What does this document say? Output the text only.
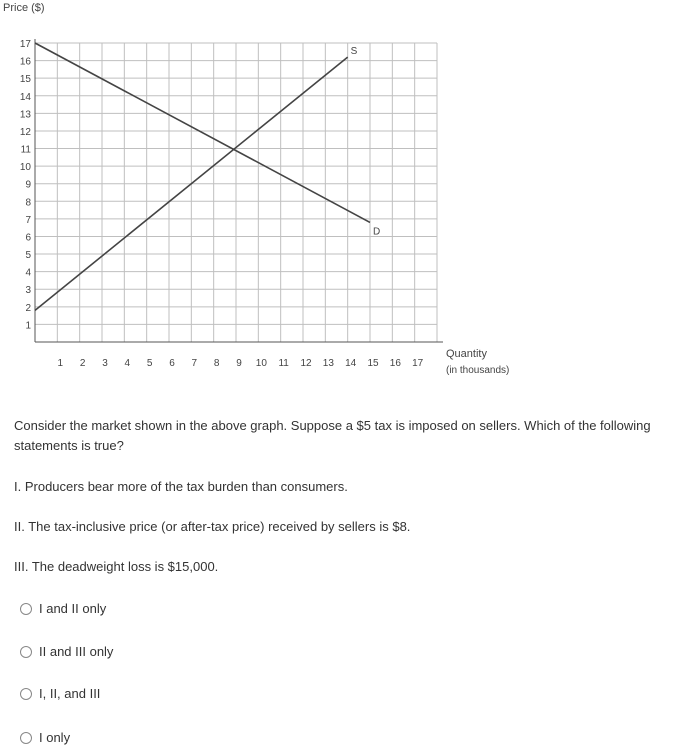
Price ($)
1
2
3
4
5
6
7
8
9
10
11
12
13
14
15
16
17
1 2 3 4 5 6 7 8 9 10 11 12 13 14 15 16 17
S
D
Quantity
(in thousands)
Consider the market shown in the above graph. Suppose a $5 tax is imposed on sellers. Which of the following statements is true?
I. Producers bear more of the tax burden than consumers.
II. The tax-inclusive price (or after-tax price) received by sellers is $8.
III. The deadweight loss is $15,000.
I and II only
II and III only
I, II, and III
I only
